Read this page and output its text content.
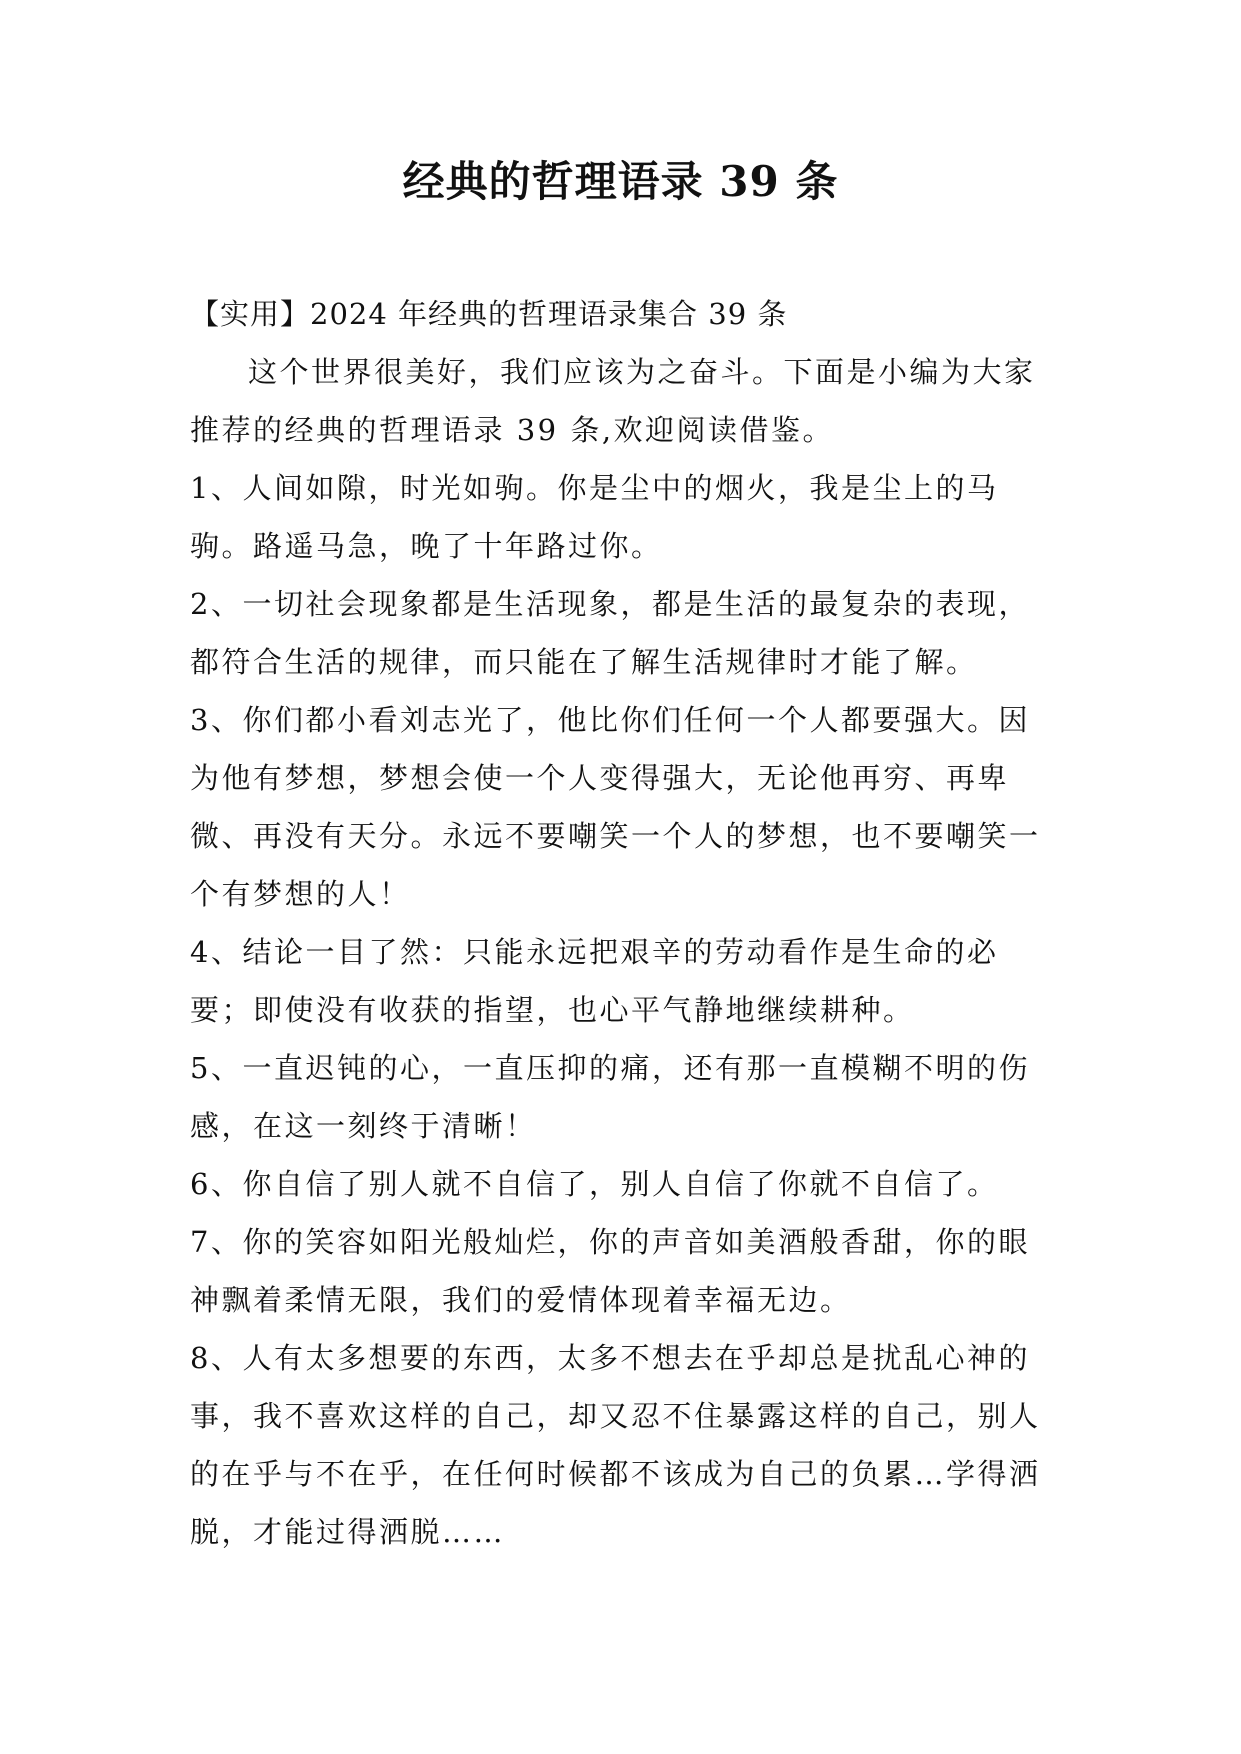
经典的哲理语录 39 条

【实用】2024 年经典的哲理语录集合 39 条

这个世界很美好，我们应该为之奋斗。下面是小编为大家推荐的经典的哲理语录 39 条,欢迎阅读借鉴。

1、人间如隙，时光如驹。你是尘中的烟火，我是尘上的马驹。路遥马急，晚了十年路过你。

2、一切社会现象都是生活现象，都是生活的最复杂的表现，都符合生活的规律，而只能在了解生活规律时才能了解。

3、你们都小看刘志光了，他比你们任何一个人都要强大。因为他有梦想，梦想会使一个人变得强大，无论他再穷、再卑微、再没有天分。永远不要嘲笑一个人的梦想，也不要嘲笑一个有梦想的人！

4、结论一目了然：只能永远把艰辛的劳动看作是生命的必要；即使没有收获的指望，也心平气静地继续耕种。

5、一直迟钝的心，一直压抑的痛，还有那一直模糊不明的伤感，在这一刻终于清晰！

6、你自信了别人就不自信了，别人自信了你就不自信了。

7、你的笑容如阳光般灿烂，你的声音如美酒般香甜，你的眼神飘着柔情无限，我们的爱情体现着幸福无边。

8、人有太多想要的东西，太多不想去在乎却总是扰乱心神的事，我不喜欢这样的自己，却又忍不住暴露这样的自己，别人的在乎与不在乎，在任何时候都不该成为自己的负累…学得洒脱，才能过得洒脱……
